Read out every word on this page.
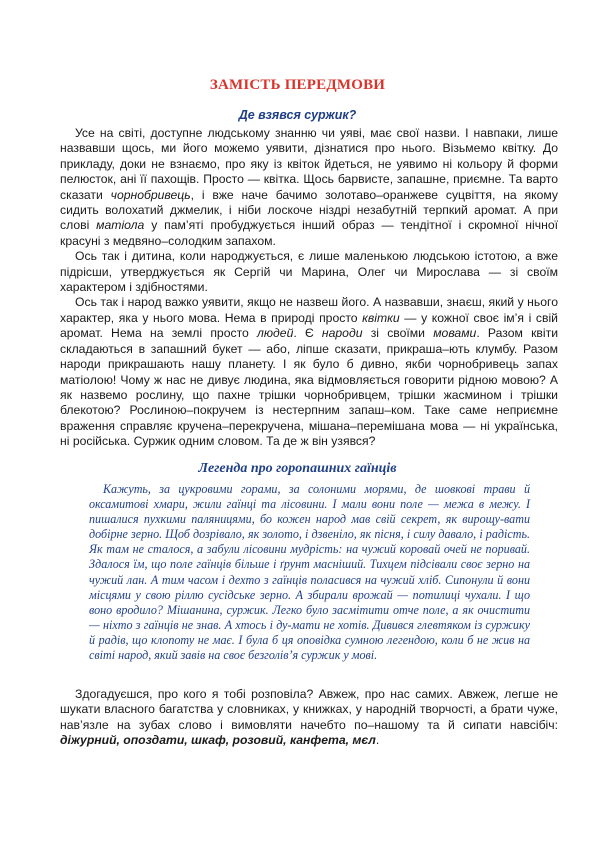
ЗАМІСТЬ ПЕРЕДМОВИ
Де взявся суржик?

Усе на світі, доступне людському знанню чи уяві, має свої назви. І навпаки, лише назвавши щось, ми його можемо уявити, дізнатися про нього. Візьмемо квітку. До прикладу, доки не взнаємо, про яку із квіток йдеться, не уявимо ні кольору й форми пелюсток, ані її пахощів. Просто — квітка. Щось барвисте, запашне, приємне. Та варто сказати чорнобривець, і вже наче бачимо золотаво–оранжеве суцвіття, на якому сидить волохатий джмелик, і ніби лоскоче ніздрі незабутній терпкий аромат. А при слові матіола у пам’яті пробуджується інший образ — тендітної і скромної нічної красуні з медвяно–солодким запахом.

Ось так і дитина, коли народжується, є лише маленькою людською істотою, а вже підрісши, утверджується як Сергій чи Марина, Олег чи Мирослава — зі своїм характером і здібностями.

Ось так і народ важко уявити, якщо не назвеш його. А назвавши, знаєш, який у нього характер, яка у нього мова. Нема в природі просто квітки — у кожної своє ім’я і свій аромат. Нема на землі просто людей. Є народи зі своїми мовами. Разом квіти складаються в запашний букет — або, ліпше сказати, прикраша–ють клумбу. Разом народи прикрашають нашу планету. І як було б дивно, якби чорнобривець запах матіолою! Чому ж нас не дивує людина, яка відмовляється говорити рідною мовою? А як назвемо рослину, що пахне трішки чорнобривцем, трішки жасмином і трішки блекотою? Рослиною–покручем із нестерпним запаш–ком. Таке саме неприємне враження справляє кручена–перекручена, мішана–перемішана мова — ні українська, ні російська. Суржик одним словом. Та де ж він узявся?

Легенда про горопашних гаїнців

Кажуть, за цукровими горами, за солоними морями, де шовкові трави й оксамитові хмари, жили гаїнці та лісовини. І мали вони поле — межа в межу. І пишалися пухкими паляницями, бо кожен народ мав свій секрет, як вирощу-вати добірне зерно. Щоб дозрівало, як золото, і дзвеніло, як пісня, і силу давало, і радість. Як там не сталося, а забули лісовини мудрість: на чужий коровай очей не поривай. Здалося їм, що поле гаїнців більше і ґрунт масніший. Тихцем підсівали своє зерно на чужий лан. А тим часом і дехто з гаїнців поласився на чужий хліб. Сипонули й вони місцями у свою ріллю сусідське зерно. А збирали врожай — потилиці чухали. І що воно вродило? Мішанина, суржик. Легко було засмітити отче поле, а як очистити — ніхто з гаїнців не знав. А хтось і ду-мати не хотів. Дивився глевтяком із суржику й радів, що клопоту не має. І була б ця оповідка сумною легендою, коли б не жив на світі народ, який завів на своє безголів’я суржик у мові.

Здогадуєшся, про кого я тобі розповіла? Авжеж, про нас самих. Авжеж, легше не шукати власного багатства у словниках, у книжках, у народній творчості, а брати чуже, нав’язле на зубах слово і вимовляти начебто по–нашому та й сипати навсібіч: діжурний, опоздати, шкаф, розовий, канфета, мєл.
